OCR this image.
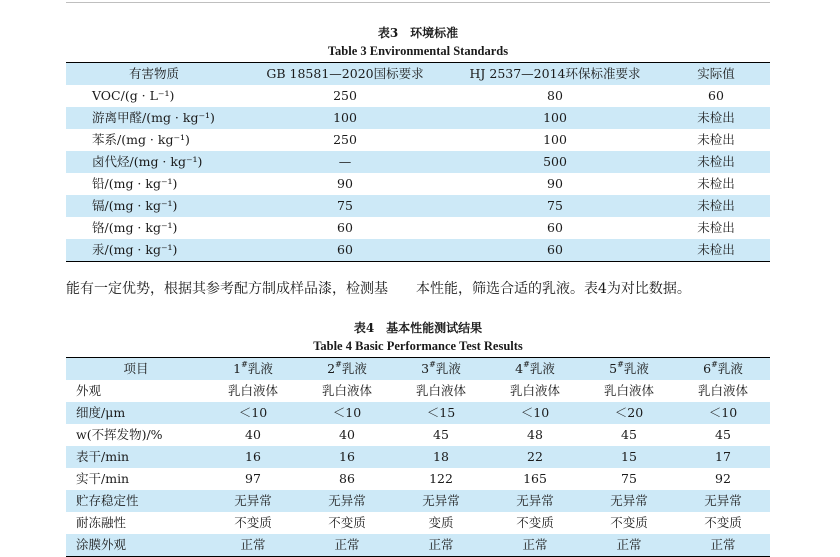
表3　环境标准
Table 3 Environmental Standards
有害物质	GB 18581—2020国标要求	HJ 2537—2014环保标准要求	实际值
VOC/(g · L⁻¹)	250	80	60
游离甲醛/(mg · kg⁻¹)	100	100	未检出
苯系/(mg · kg⁻¹)	250	100	未检出
卤代烃/(mg · kg⁻¹)	—	500	未检出
铅/(mg · kg⁻¹)	90	90	未检出
镉/(mg · kg⁻¹)	75	75	未检出
铬/(mg · kg⁻¹)	60	60	未检出
汞/(mg · kg⁻¹)	60	60	未检出
能有一定优势，根据其参考配方制成样品漆，检测基　　本性能，筛选合适的乳液。表4为对比数据。
表4　基本性能测试结果
Table 4 Basic Performance Test Results
项目	1#乳液	2#乳液	3#乳液	4#乳液	5#乳液	6#乳液
外观	乳白液体	乳白液体	乳白液体	乳白液体	乳白液体	乳白液体
细度/μm	＜10	＜10	＜15	＜10	＜20	＜10
w(不挥发物)/%	40	40	45	48	45	45
表干/min	16	16	18	22	15	17
实干/min	97	86	122	165	75	92
贮存稳定性	无异常	无异常	无异常	无异常	无异常	无异常
耐冻融性	不变质	不变质	变质	不变质	不变质	不变质
涂膜外观	正常	正常	正常	正常	正常	正常
